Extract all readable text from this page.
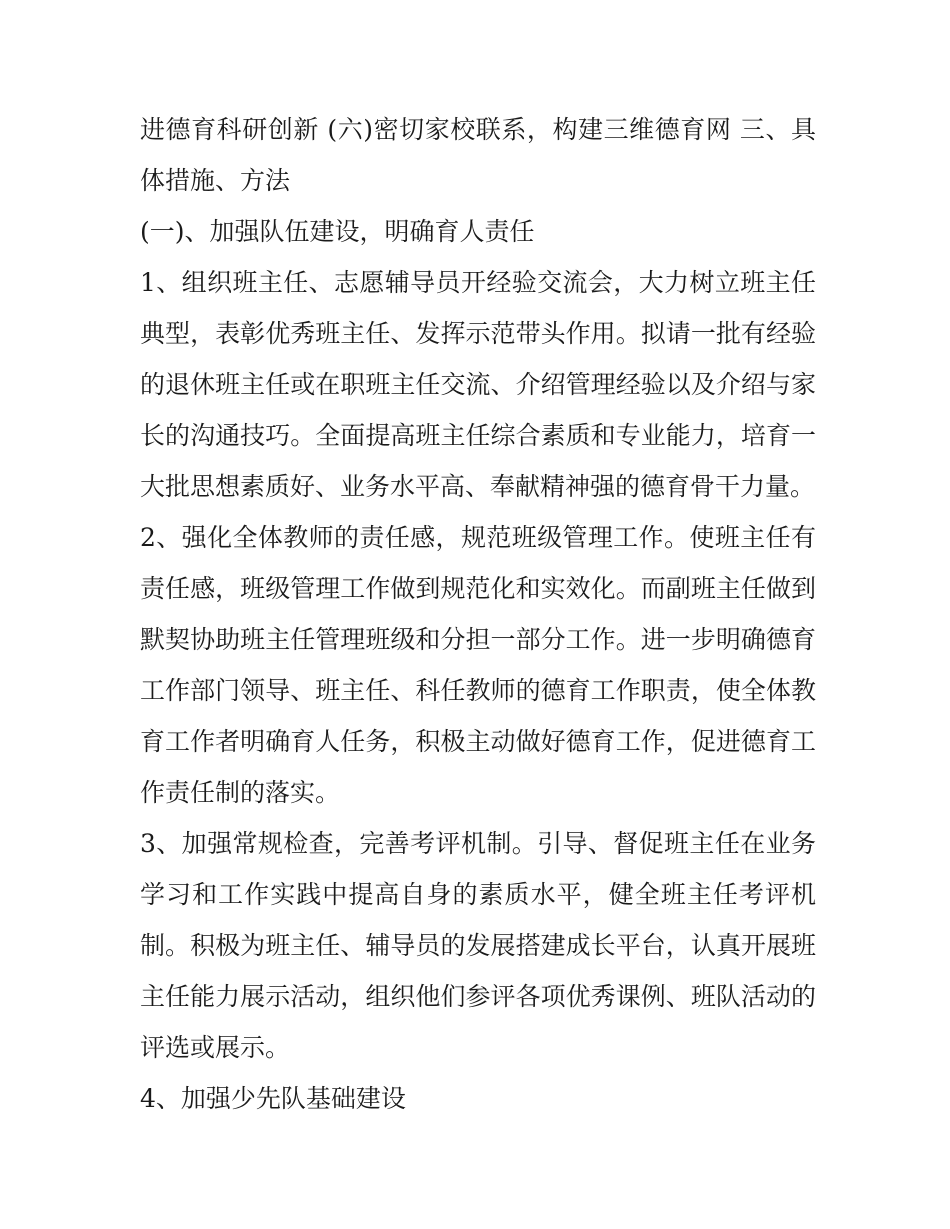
进德育科研创新 (六)密切家校联系，构建三维德育网 三、具体措施、方法

(一)、加强队伍建设，明确育人责任

1、组织班主任、志愿辅导员开经验交流会，大力树立班主任典型，表彰优秀班主任、发挥示范带头作用。拟请一批有经验的退休班主任或在职班主任交流、介绍管理经验以及介绍与家长的沟通技巧。全面提高班主任综合素质和专业能力，培育一大批思想素质好、业务水平高、奉献精神强的德育骨干力量。

2、强化全体教师的责任感，规范班级管理工作。使班主任有责任感，班级管理工作做到规范化和实效化。而副班主任做到默契协助班主任管理班级和分担一部分工作。进一步明确德育工作部门领导、班主任、科任教师的德育工作职责，使全体教育工作者明确育人任务，积极主动做好德育工作，促进德育工作责任制的落实。

3、加强常规检查，完善考评机制。引导、督促班主任在业务学习和工作实践中提高自身的素质水平，健全班主任考评机制。积极为班主任、辅导员的发展搭建成长平台，认真开展班主任能力展示活动，组织他们参评各项优秀课例、班队活动的评选或展示。

4、加强少先队基础建设
